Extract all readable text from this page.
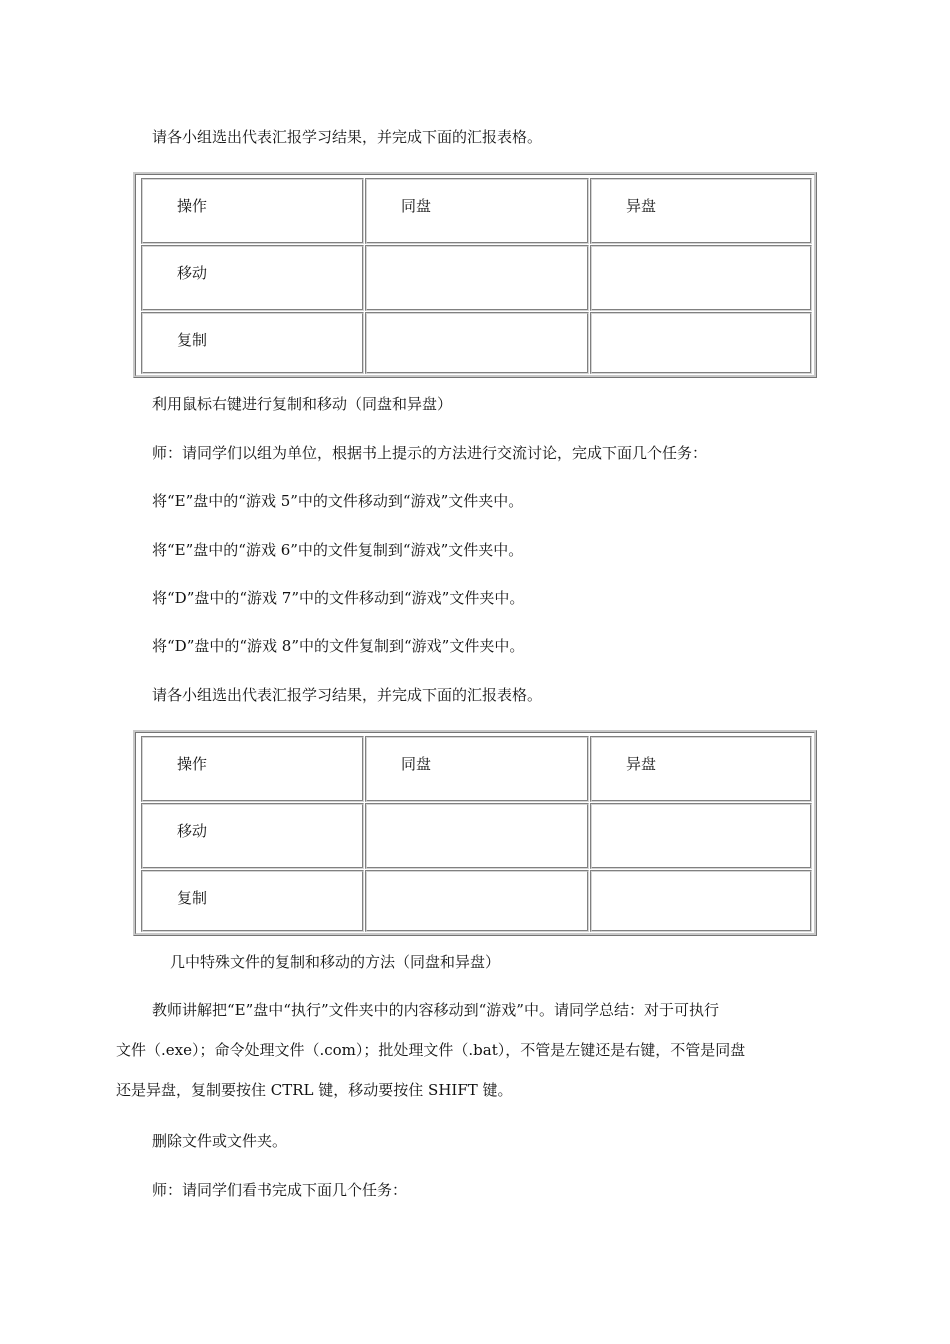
请各小组选出代表汇报学习结果，并完成下面的汇报表格。
操作	同盘	异盘
移动
复制
利用鼠标右键进行复制和移动（同盘和异盘）
师：请同学们以组为单位，根据书上提示的方法进行交流讨论，完成下面几个任务：
将“E”盘中的“游戏 5”中的文件移动到“游戏”文件夹中。
将“E”盘中的“游戏 6”中的文件复制到“游戏”文件夹中。
将“D”盘中的“游戏 7”中的文件移动到“游戏”文件夹中。
将“D”盘中的“游戏 8”中的文件复制到“游戏”文件夹中。
请各小组选出代表汇报学习结果，并完成下面的汇报表格。
操作	同盘	异盘
移动
复制
几中特殊文件的复制和移动的方法（同盘和异盘）
教师讲解把“E”盘中“执行”文件夹中的内容移动到“游戏”中。请同学总结：对于可执行
文件（.exe）；命令处理文件（.com）；批处理文件（.bat），不管是左键还是右键，不管是同盘
还是异盘，复制要按住 CTRL 键，移动要按住 SHIFT 键。
删除文件或文件夹。
师：请同学们看书完成下面几个任务：
